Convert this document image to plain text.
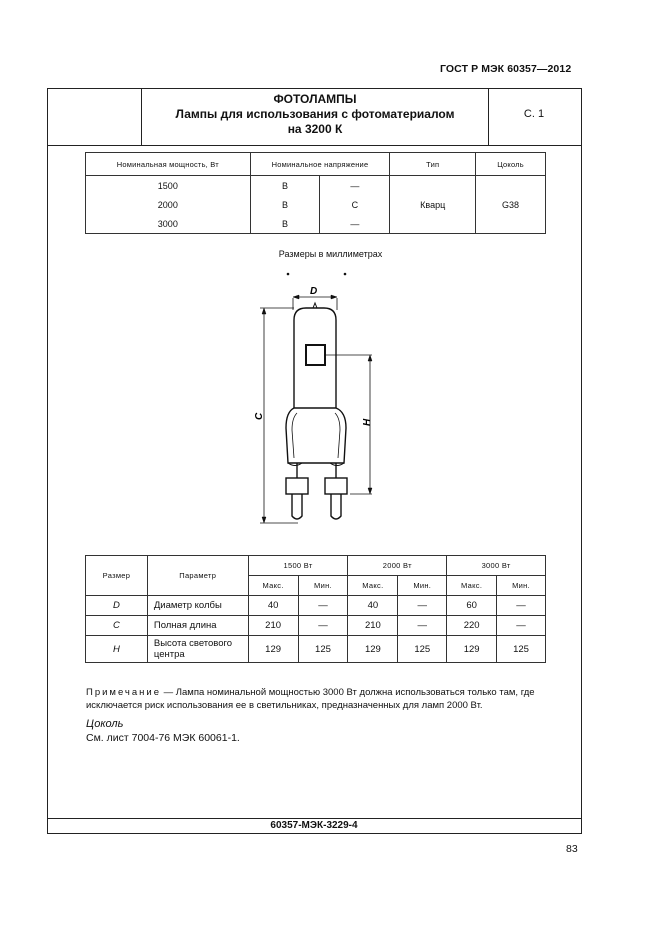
ГОСТ Р МЭК 60357—2012
ФОТОЛАМПЫ
Лампы для использования с фотоматериалом
на 3200 К
С. 1
Номинальная мощность, Вт	Номинальное напряжение		Тип	Цоколь
1500	В	—	Кварц	G38
2000	В	С		
3000	В	—		
Размеры в миллиметрах
D
C
H
Размер	Параметр	1500 Вт		2000 Вт		3000 Вт	
		Макс.	Мин.	Макс.	Мин.	Макс.	Мин.
D	Диаметр колбы	40	—	40	—	60	—
C	Полная длина	210	—	210	—	220	—
H	Высота светового центра	129	125	129	125	129	125

Примечание — Лампа номинальной мощностью 3000 Вт должна использоваться только там, где исключается риск использования ее в светильниках, предназначенных для ламп 2000 Вт.

Цоколь
См. лист 7004-76 МЭК 60061-1.
60357-МЭК-3229-4
83
